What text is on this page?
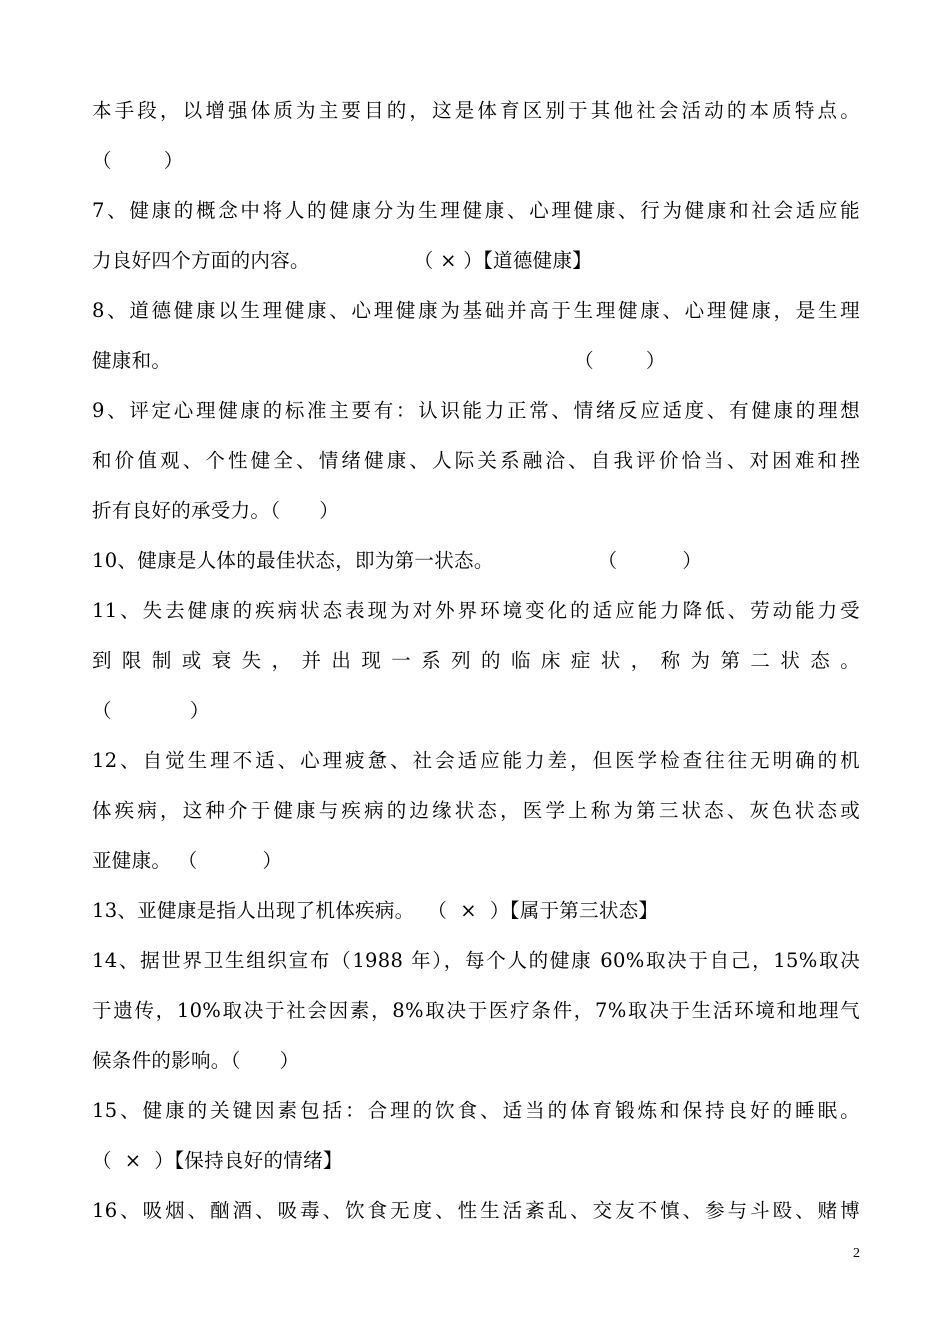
本手段，以增强体质为主要目的，这是体育区别于其他社会活动的本质特点。
（        ）
7、健康的概念中将人的健康分为生理健康、心理健康、行为健康和社会适应能
力良好四个方面的内容。                （ × ）【道德健康】
8、道德健康以生理健康、心理健康为基础并高于生理健康、心理健康，是生理
健康和。                                                              （        ）
9、评定心理健康的标准主要有：认识能力正常、情绪反应适度、有健康的理想
和价值观、个性健全、情绪健康、人际关系融洽、自我评价恰当、对困难和挫
折有良好的承受力。（      ）
10、健康是人体的最佳状态，即为第一状态。                （          ）
11、失去健康的疾病状态表现为对外界环境变化的适应能力降低、劳动能力受
到 限 制 或 衰 失 ， 并 出 现 一 系 列 的 临 床 症 状 ， 称 为 第 二 状 态 。
（            ）
12、自觉生理不适、心理疲惫、社会适应能力差，但医学检查往往无明确的机
体疾病，这种介于健康与疾病的边缘状态，医学上称为第三状态、灰色状态或
亚健康。 （          ）
13、亚健康是指人出现了机体疾病。  （  ×  ）【属于第三状态】
14、据世界卫生组织宣布（1988 年），每个人的健康 60%取决于自己，15%取决
于遗传，10%取决于社会因素，8%取决于医疗条件，7%取决于生活环境和地理气
候条件的影响。（      ）
15、健康的关键因素包括：合理的饮食、适当的体育锻炼和保持良好的睡眠。
（  ×  ）【保持良好的情绪】
16、吸烟、酗酒、吸毒、饮食无度、性生活紊乱、交友不慎、参与斗殴、赌博
2
